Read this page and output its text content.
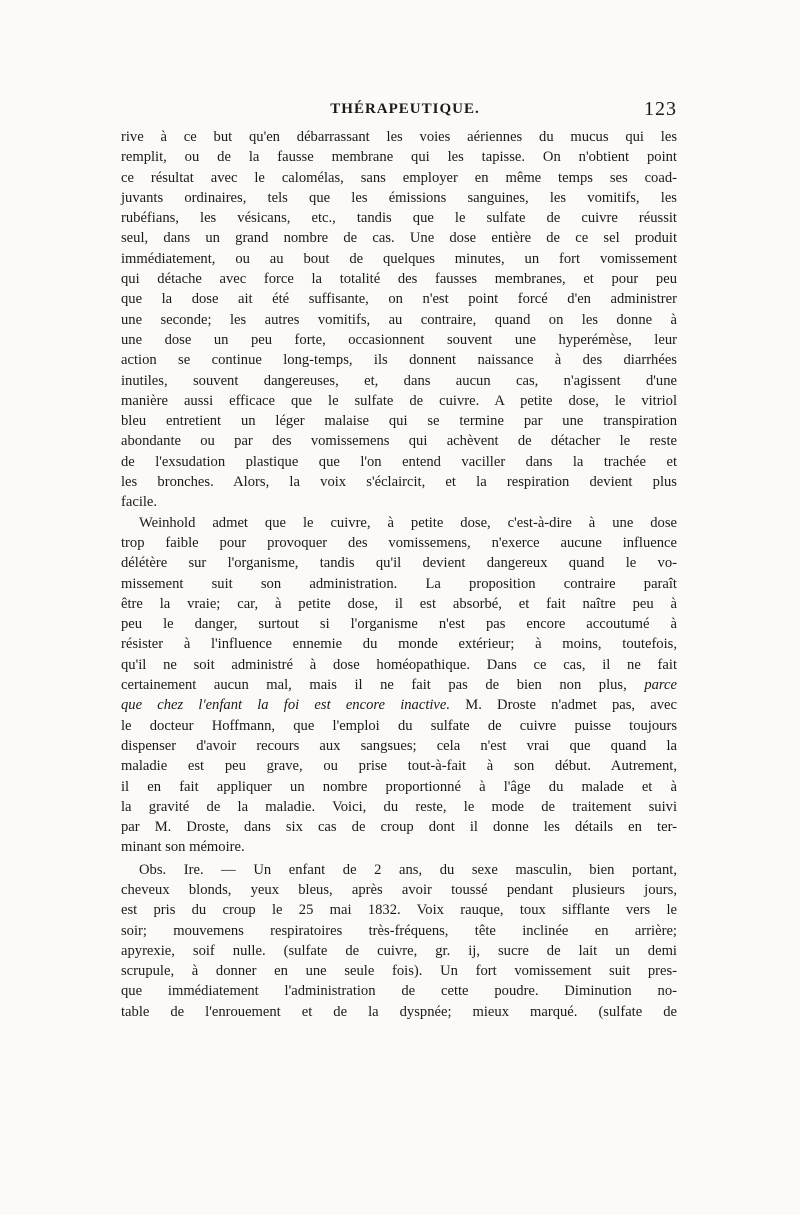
THÉRAPEUTIQUE.	123
rive à ce but qu'en débarrassant les voies aériennes du mucus qui les
remplit, ou de la fausse membrane qui les tapisse. On n'obtient point
ce résultat avec le calomélas, sans employer en même temps ses coad-
juvants ordinaires, tels que les émissions sanguines, les vomitifs, les
rubéfians, les vésicans, etc., tandis que le sulfate de cuivre réussit
seul, dans un grand nombre de cas. Une dose entière de ce sel produit
immédiatement, ou au bout de quelques minutes, un fort vomissement
qui détache avec force la totalité des fausses membranes, et pour peu
que la dose ait été suffisante, on n'est point forcé d'en administrer
une seconde; les autres vomitifs, au contraire, quand on les donne à
une dose un peu forte, occasionnent souvent une hyperémèse, leur
action se continue long-temps, ils donnent naissance à des diarrhées
inutiles, souvent dangereuses, et, dans aucun cas, n'agissent d'une
manière aussi efficace que le sulfate de cuivre. A petite dose, le vitriol
bleu entretient un léger malaise qui se termine par une transpiration
abondante ou par des vomissemens qui achèvent de détacher le reste
de l'exsudation plastique que l'on entend vaciller dans la trachée et
les bronches. Alors, la voix s'éclaircit, et la respiration devient plus
facile.
Weinhold admet que le cuivre, à petite dose, c'est-à-dire à une dose
trop faible pour provoquer des vomissemens, n'exerce aucune influence
délétère sur l'organisme, tandis qu'il devient dangereux quand le vo-
missement suit son administration. La proposition contraire paraît
être la vraie; car, à petite dose, il est absorbé, et fait naître peu à
peu le danger, surtout si l'organisme n'est pas encore accoutumé à
résister à l'influence ennemie du monde extérieur; à moins, toutefois,
qu'il ne soit administré à dose homéopathique. Dans ce cas, il ne fait
certainement aucun mal, mais il ne fait pas de bien non plus, parce
que chez l'enfant la foi est encore inactive. M. Droste n'admet pas, avec
le docteur Hoffmann, que l'emploi du sulfate de cuivre puisse toujours
dispenser d'avoir recours aux sangsues; cela n'est vrai que quand la
maladie est peu grave, ou prise tout-à-fait à son début. Autrement,
il en fait appliquer un nombre proportionné à l'âge du malade et à
la gravité de la maladie. Voici, du reste, le mode de traitement suivi
par M. Droste, dans six cas de croup dont il donne les détails en ter-
minant son mémoire.
Obs. Ire. — Un enfant de 2 ans, du sexe masculin, bien portant,
cheveux blonds, yeux bleus, après avoir toussé pendant plusieurs jours,
est pris du croup le 25 mai 1832. Voix rauque, toux sifflante vers le
soir; mouvemens respiratoires très-fréquens, tête inclinée en arrière;
apyrexie, soif nulle. (sulfate de cuivre, gr. ij, sucre de lait un demi
scrupule, à donner en une seule fois). Un fort vomissement suit pres-
que immédiatement l'administration de cette poudre. Diminution no-
table de l'enrouement et de la dyspnée; mieux marqué. (sulfate de
